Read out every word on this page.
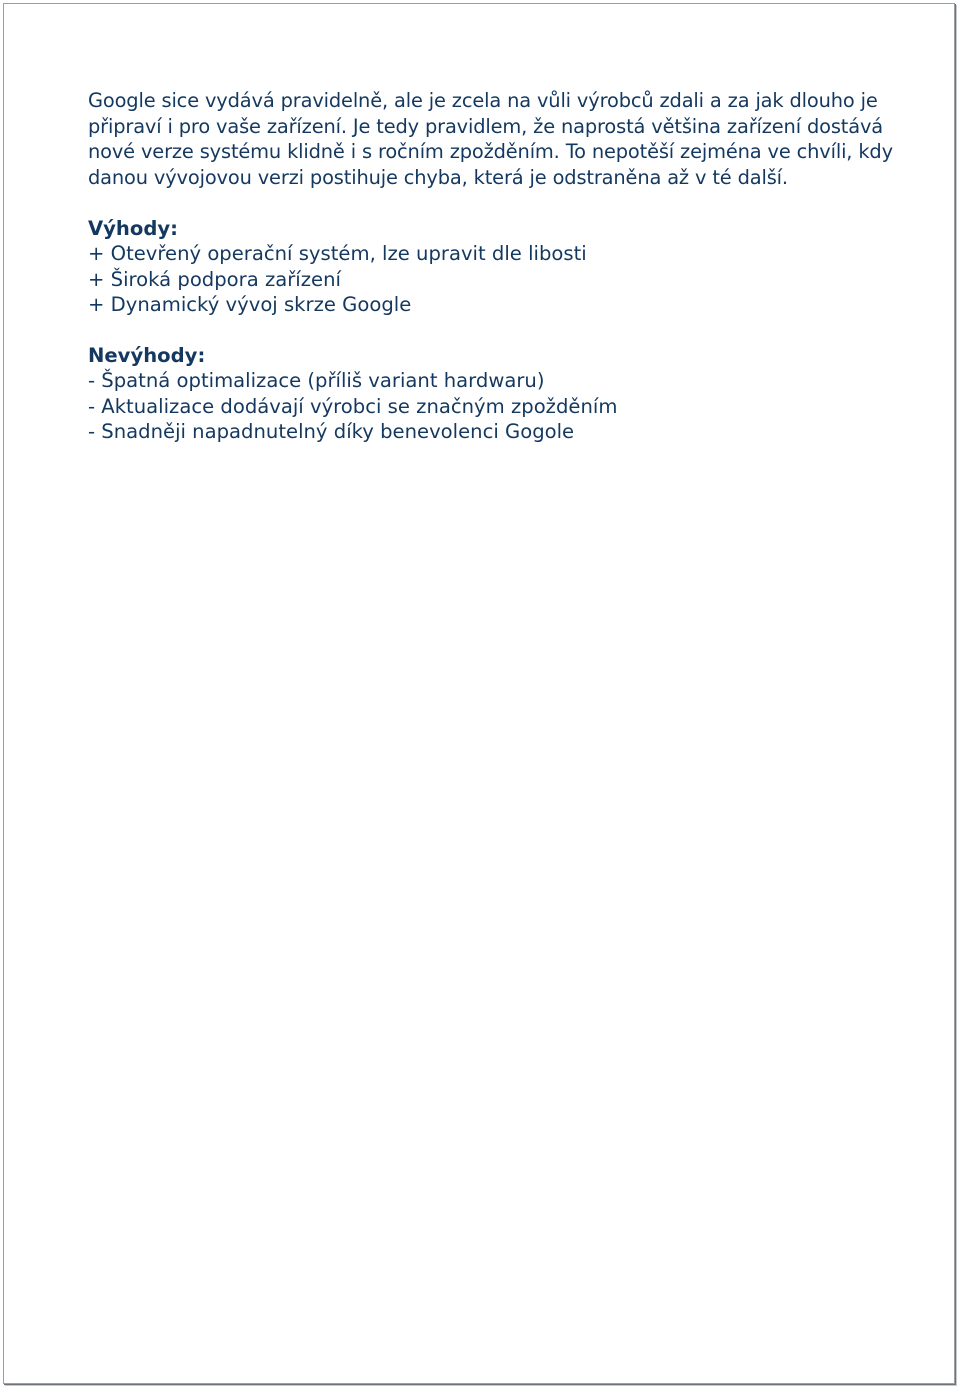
Google sice vydává pravidelně, ale je zcela na vůli výrobců zdali a za jak dlouho je
připraví i pro vaše zařízení. Je tedy pravidlem, že naprostá většina zařízení dostává
nové verze systému klidně i s ročním zpožděním. To nepotěší zejména ve chvíli, kdy
danou vývojovou verzi postihuje chyba, která je odstraněna až v té další.

Výhody:
+ Otevřený operační systém, lze upravit dle libosti
+ Široká podpora zařízení
+ Dynamický vývoj skrze Google
Nevýhody:
- Špatná optimalizace (příliš variant hardwaru)
- Aktualizace dodávají výrobci se značným zpožděním
- Snadněji napadnutelný díky benevolenci Gogole
